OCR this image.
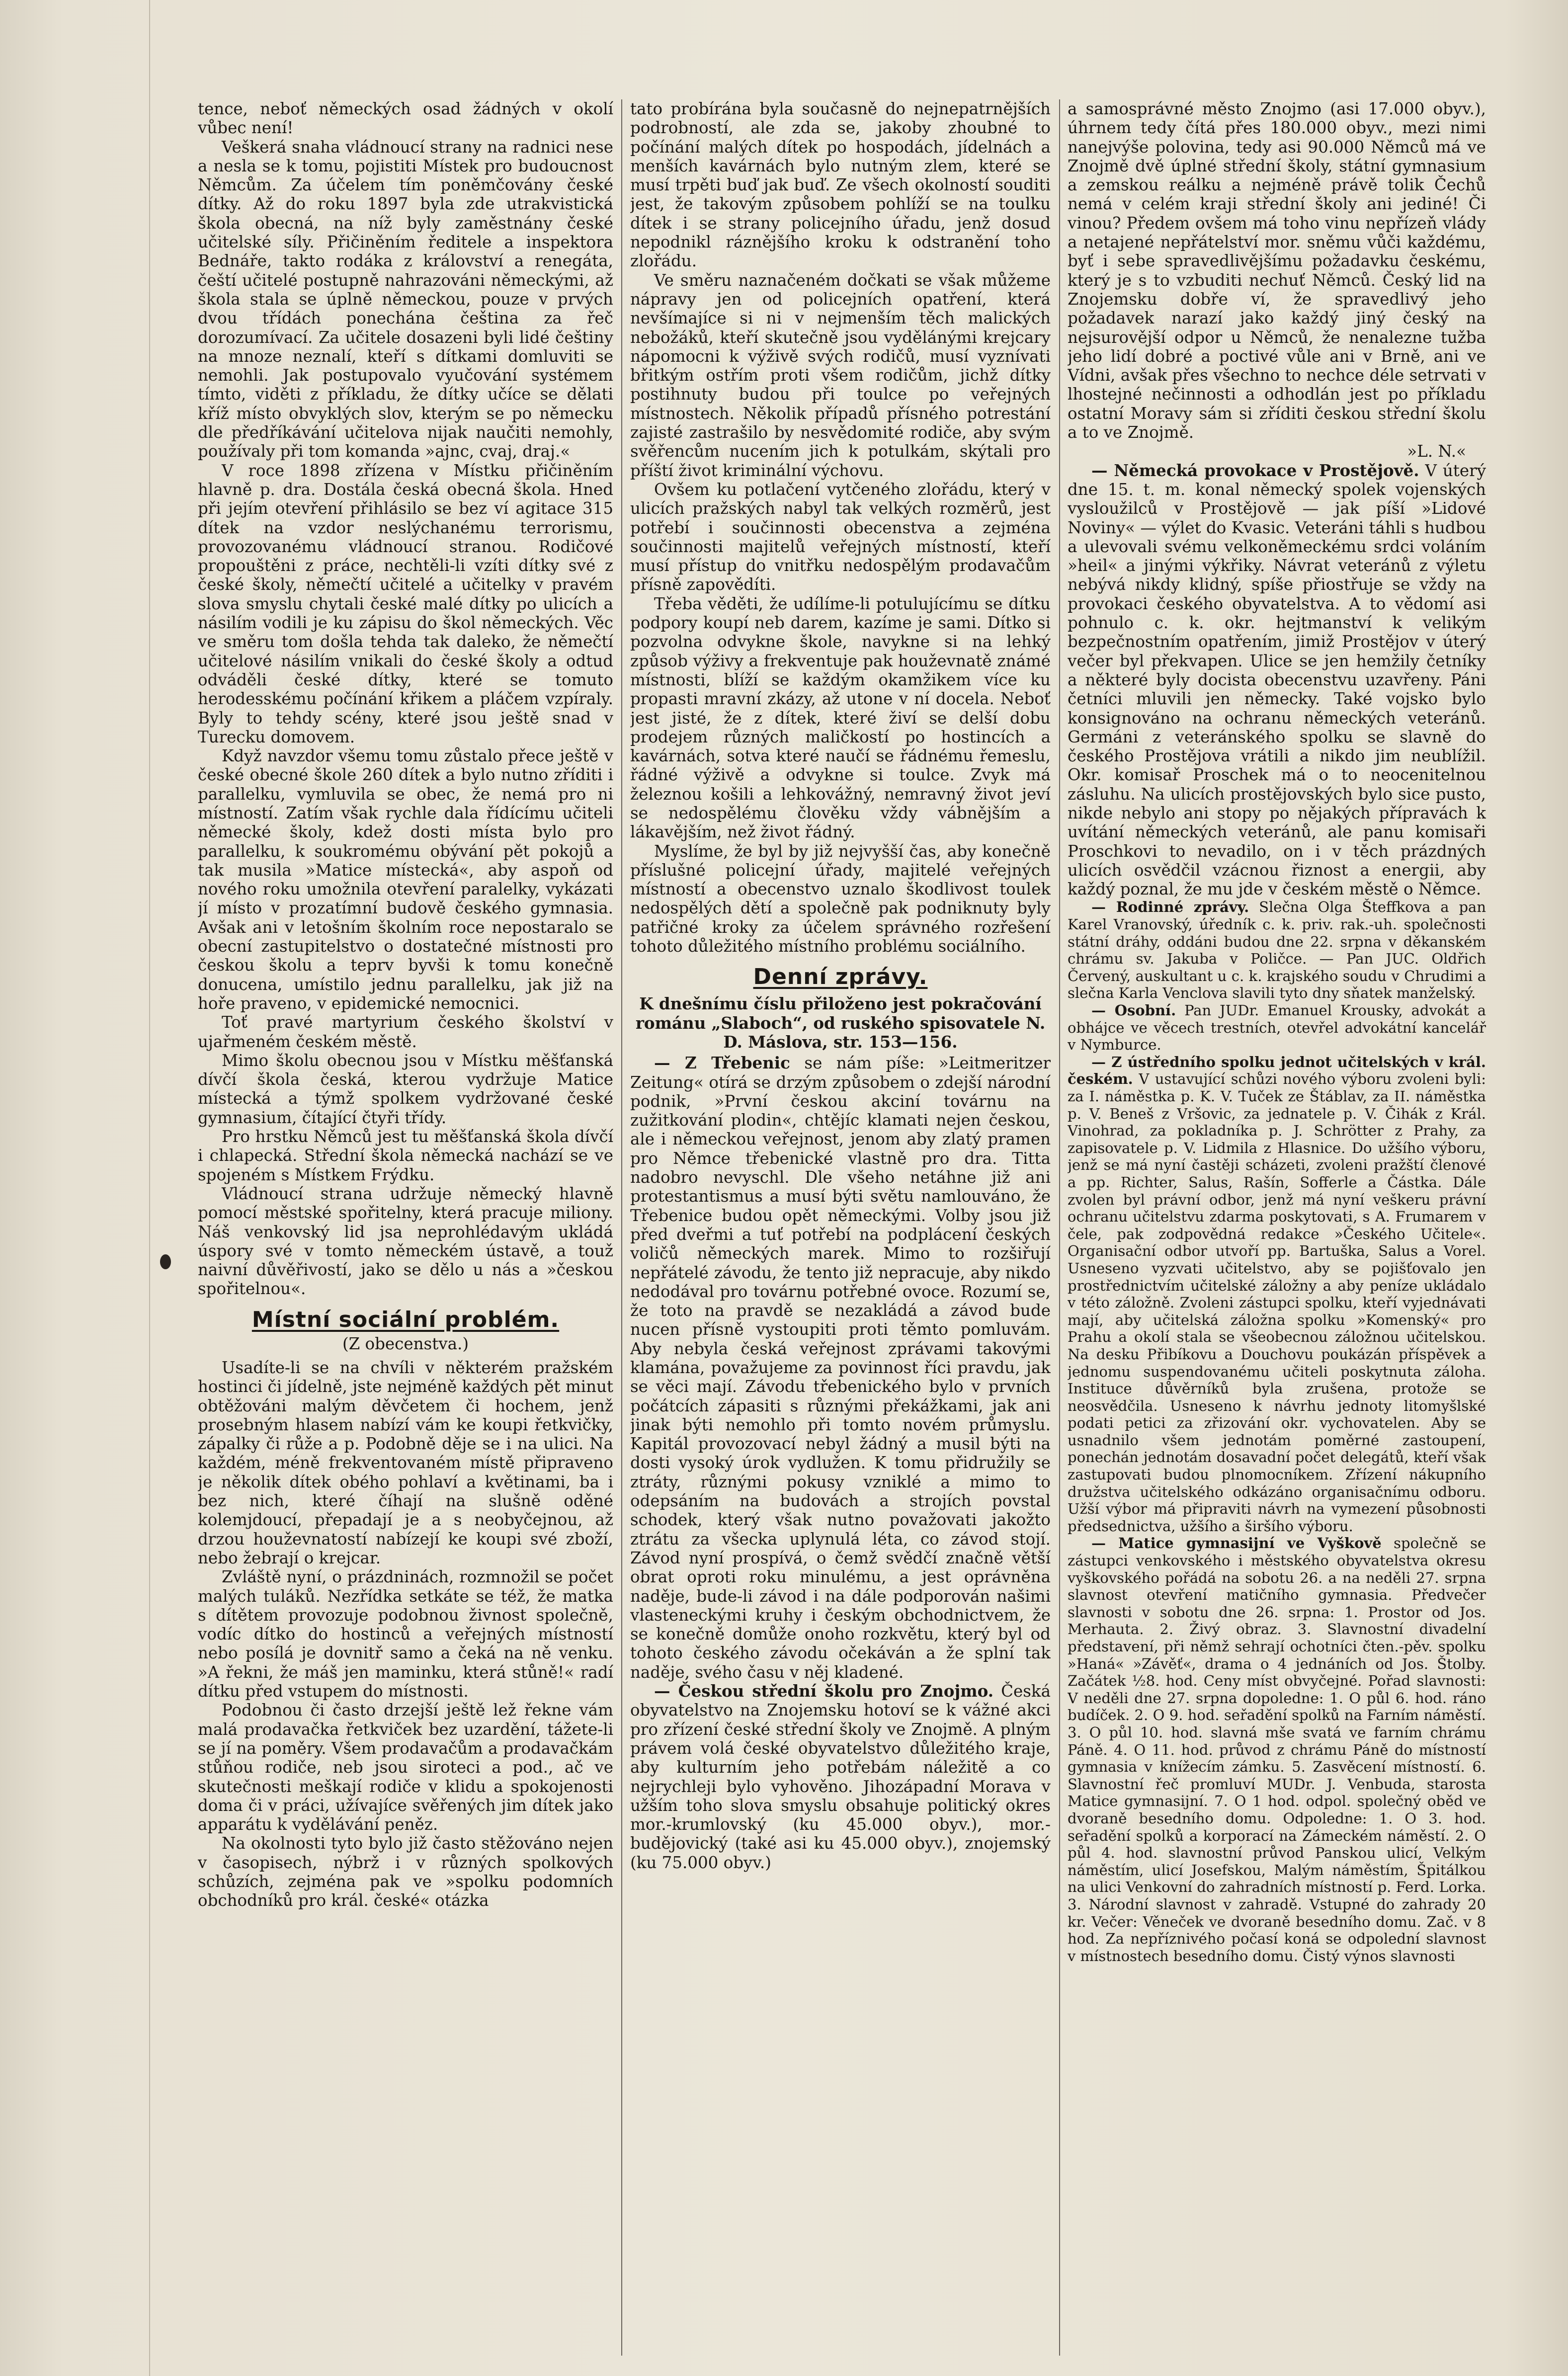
tence, neboť německých osad žádných v okolí vůbec není!

Veškerá snaha vládnoucí strany na radnici nese a nesla se k tomu, pojistiti Místek pro budoucnost Němcům. Za účelem tím poněmčovány české dítky. Až do roku 1897 byla zde utrakvistická škola obecná, na níž byly zaměstnány české učitelské síly. Přičiněním ředitele a inspektora Bednáře, takto rodáka z království a renegáta, čeští učitelé postupně nahrazováni německými, až škola stala se úplně německou, pouze v prvých dvou třídách ponechána čeština za řeč dorozumívací. Za učitele dosazeni byli lidé češtiny na mnoze neznalí, kteří s dítkami domluviti se nemohli. Jak postupovalo vyučování systémem tímto, viděti z příkladu, že dítky učíce se dělati kříž místo obvyklých slov, kterým se po německu dle předříkávání učitelova nijak naučiti nemohly, používaly při tom komanda »ajnc, cvaj, draj.«

V roce 1898 zřízena v Místku přičiněním hlavně p. dra. Dostála česká obecná škola. Hned při jejím otevření přihlásilo se bez ví agitace 315 dítek na vzdor neslýchanému terrorismu, provozovanému vládnoucí stranou. Rodičové propouštěni z práce, nechtěli-li vzíti dítky své z české školy, němečtí učitelé a učitelky v pravém slova smyslu chytali české malé dítky po ulicích a násilím vodili je ku zápisu do škol německých. Věc ve směru tom došla tehda tak daleko, že němečtí učitelové násilím vnikali do české školy a odtud odváděli české dítky, které se tomuto herodesskému počínání křikem a pláčem vzpíraly. Byly to tehdy scény, které jsou ještě snad v Turecku domovem.

Když navzdor všemu tomu zůstalo přece ještě v české obecné škole 260 dítek a bylo nutno zříditi i parallelku, vymluvila se obec, že nemá pro ni místností. Zatím však rychle dala řídícímu učiteli německé školy, kdež dosti místa bylo pro parallelku, k soukromému obývání pět pokojů a tak musila »Matice místecká«, aby aspoň od nového roku umožnila otevření paralelky, vykázati jí místo v prozatímní budově českého gymnasia. Avšak ani v letošním školním roce nepostaralo se obecní zastupitelstvo o dostatečné místnosti pro českou školu a teprv byvši k tomu konečně donucena, umístilo jednu parallelku, jak již na hoře praveno, v epidemické nemocnici.

Toť pravé martyrium českého školství v ujařmeném českém městě.

Mimo školu obecnou jsou v Místku měšťanská dívčí škola česká, kterou vydržuje Matice místecká a týmž spolkem vydržované české gymnasium, čítající čtyři třídy.

Pro hrstku Němců jest tu měšťanská škola dívčí i chlapecká. Střední škola německá nachází se ve spojeném s Místkem Frýdku.

Vládnoucí strana udržuje německý hlavně pomocí městské spořitelny, která pracuje miliony. Náš venkovský lid jsa neprohlédavým ukládá úspory své v tomto německém ústavě, a touž naivní důvěřivostí, jako se dělo u nás a »českou spořitelnou«.

Místní sociální problém.
(Z obecenstva.)

Usadíte-li se na chvíli v některém pražském hostinci či jídelně, jste nejméně každých pět minut obtěžováni malým děvčetem či hochem, jenž prosebným hlasem nabízí vám ke koupi řetkvičky, zápalky či růže a p. Podobně děje se i na ulici. Na každém, méně frekventovaném místě připraveno je několik dítek obého pohlaví a květinami, ba i bez nich, které číhají na slušně oděné kolemjdoucí, přepadají je a s neobyčejnou, až drzou houževnatostí nabízejí ke koupi své zboží, nebo žebrají o krejcar.

Zvláště nyní, o prázdninách, rozmnožil se počet malých tuláků. Nezřídka setkáte se též, že matka s dítětem provozuje podobnou živnost společně, vodíc dítko do hostinců a veřejných místností nebo posílá je dovnitř samo a čeká na ně venku. »A řekni, že máš jen maminku, která stůně!« radí dítku před vstupem do místnosti.

Podobnou či často drzejší ještě lež řekne vám malá prodavačka řetkviček bez uzardění, tážete-li se jí na poměry. Všem prodavačům a prodavačkám stůňou rodiče, neb jsou siroteci a pod., ač ve skutečnosti meškají rodiče v klidu a spokojenosti doma či v práci, užívajíce svěřených jim dítek jako apparátu k vydělávání peněz.

Na okolnosti tyto bylo již často stěžováno nejen v časopisech, nýbrž i v různých spolkových schůzích, zejména pak ve »spolku podomních obchodníků pro král. české« otázka

tato probírána byla současně do nejnepatrnějších podrobností, ale zda se, jakoby zhoubné to počínání malých dítek po hospodách, jídelnách a menších kavárnách bylo nutným zlem, které se musí trpěti buď jak buď. Ze všech okolností souditi jest, že takovým způsobem pohlíží se na toulku dítek i se strany policejního úřadu, jenž dosud nepodnikl ráznějšího kroku k odstranění toho zlořádu.

Ve směru naznačeném dočkati se však můžeme nápravy jen od policejních opatření, která nevšímajíce si ni v nejmenším těch malických nebožáků, kteří skutečně jsou vydělánými krejcary nápomocni k výživě svých rodičů, musí vyznívati břitkým ostřím proti všem rodičům, jichž dítky postihnuty budou při toulce po veřejných místnostech. Několik případů přísného potrestání zajisté zastrašilo by nesvědomité rodiče, aby svým svěřencům nucením jich k potulkám, skýtali pro příští život kriminální výchovu.

Ovšem ku potlačení vytčeného zlořádu, který v ulicích pražských nabyl tak velkých rozměrů, jest potřebí i součinnosti obecenstva a zejména součinnosti majitelů veřejných místností, kteří musí přístup do vnitřku nedospělým prodavačům přísně zapovědíti.

Třeba věděti, že udílíme-li potulujícímu se dítku podpory koupí neb darem, kazíme je sami. Dítko si pozvolna odvykne škole, navykne si na lehký způsob výživy a frekventuje pak houževnatě známé místnosti, blíží se každým okamžikem více ku propasti mravní zkázy, až utone v ní docela. Neboť jest jisté, že z dítek, které živí se delší dobu prodejem různých maličkostí po hostincích a kavárnách, sotva které naučí se řádnému řemeslu, řádné výživě a odvykne si toulce. Zvyk má železnou košili a lehkovážný, nemravný život jeví se nedospělému člověku vždy vábnějším a lákavějším, než život řádný.

Myslíme, že byl by již nejvyšší čas, aby konečně příslušné policejní úřady, majitelé veřejných místností a obecenstvo uznalo škodlivost toulek nedospělých dětí a společně pak podniknuty byly patřičné kroky za účelem správného rozřešení tohoto důležitého místního problému sociálního.

Denní zprávy.
K dnešnímu číslu přiloženo jest pokračování románu „Slaboch“, od ruského spisovatele N. D. Máslova, str. 153—156.

— Z Třebenic se nám píše: »Leitmeritzer Zeitung« otírá se drzým způsobem o zdejší národní podnik, »První českou akciní továrnu na zužitkování plodin«, chtějíc klamati nejen českou, ale i německou veřejnost, jenom aby zlatý pramen pro Němce třebenické vlastně pro dra. Titta nadobro nevyschl. Dle všeho netáhne již ani protestantismus a musí býti světu namlouváno, že Třebenice budou opět německými. Volby jsou již před dveřmi a tuť potřebí na podplácení českých voličů německých marek. Mimo to rozšiřují nepřátelé závodu, že tento již nepracuje, aby nikdo nedodával pro továrnu potřebné ovoce. Rozumí se, že toto na pravdě se nezakládá a závod bude nucen přísně vystoupiti proti těmto pomluvám. Aby nebyla česká veřejnost zprávami takovými klamána, považujeme za povinnost říci pravdu, jak se věci mají. Závodu třebenického bylo v prvních počátcích zápasiti s různými překážkami, jak ani jinak býti nemohlo při tomto novém průmyslu. Kapitál provozovací nebyl žádný a musil býti na dosti vysoký úrok vydlužen. K tomu přidružily se ztráty, různými pokusy vzniklé a mimo to odepsáním na budovách a strojích povstal schodek, který však nutno považovati jakožto ztrátu za všecka uplynulá léta, co závod stojí. Závod nyní prospívá, o čemž svědčí značně větší obrat oproti roku minulému, a jest oprávněna naděje, bude-li závod i na dále podporován našimi vlasteneckými kruhy i českým obchodnictvem, že se konečně domůže onoho rozkvětu, který byl od tohoto českého závodu očekáván a že splní tak naděje, svého času v něj kladené.

— Českou střední školu pro Znojmo. Česká obyvatelstvo na Znojemsku hotoví se k vážné akci pro zřízení české střední školy ve Znojmě. A plným právem volá české obyvatelstvo důležitého kraje, aby kulturním jeho potřebám náležitě a co nejrychleji bylo vyhověno. Jihozápadní Morava v užším toho slova smyslu obsahuje politický okres mor.-krumlovský (ku 45.000 obyv.), mor.-budějovický (také asi ku 45.000 obyv.), znojemský (ku 75.000 obyv.)

a samosprávné město Znojmo (asi 17.000 obyv.), úhrnem tedy čítá přes 180.000 obyv., mezi nimi nanejvýše polovina, tedy asi 90.000 Němců má ve Znojmě dvě úplné střední školy, státní gymnasium a zemskou reálku a nejméně právě tolik Čechů nemá v celém kraji střední školy ani jediné! Či vinou? Předem ovšem má toho vinu nepřízeň vlády a netajené nepřátelství mor. sněmu vůči každému, byť i sebe spravedlivějšímu požadavku českému, který je s to vzbuditi nechuť Němců. Český lid na Znojemsku dobře ví, že spravedlivý jeho požadavek narazí jako každý jiný český na nejsurovější odpor u Němců, že nenalezne tužba jeho lidí dobré a poctivé vůle ani v Brně, ani ve Vídni, avšak přes všechno to nechce déle setrvati v lhostejné nečinnosti a odhodlán jest po příkladu ostatní Moravy sám si zříditi českou střední školu a to ve Znojmě.

»L. N.«

— Německá provokace v Prostějově. V úterý dne 15. t. m. konal německý spolek vojenských vysloužilců v Prostějově — jak píší »Lidové Noviny« — výlet do Kvasic. Veteráni táhli s hudbou a ulevovali svému velkoněmeckému srdci voláním »heil« a jinými výkřiky. Návrat veteránů z výletu nebývá nikdy klidný, spíše přiostřuje se vždy na provokaci českého obyvatelstva. A to vědomí asi pohnulo c. k. okr. hejtmanství k velikým bezpečnostním opatřením, jimiž Prostějov v úterý večer byl překvapen. Ulice se jen hemžily četníky a některé byly docista obecenstvu uzavřeny. Páni četníci mluvili jen německy. Také vojsko bylo konsignováno na ochranu německých veteránů. Germáni z veteránského spolku se slavně do českého Prostějova vrátili a nikdo jim neublížil. Okr. komisař Proschek má o to neocenitelnou zásluhu. Na ulicích prostějovských bylo sice pusto, nikde nebylo ani stopy po nějakých přípravách k uvítání německých veteránů, ale panu komisaři Proschkovi to nevadilo, on i v těch prázdných ulicích osvědčil vzácnou řiznost a energii, aby každý poznal, že mu jde v českém městě o Němce.

— Rodinné zprávy. Slečna Olga Šteffkova a pan Karel Vranovský, úředník c. k. priv. rak.-uh. společnosti státní dráhy, oddáni budou dne 22. srpna v děkanském chrámu sv. Jakuba v Poličce. — Pan JUC. Oldřich Červený, auskultant u c. k. krajského soudu v Chrudimi a slečna Karla Venclova slavili tyto dny sňatek manželský.

— Osobní. Pan JUDr. Emanuel Krousky, advokát a obhájce ve věcech trestních, otevřel advokátní kancelář v Nymburce.

— Z ústředního spolku jednot učitelských v král. českém. V ustavující schůzi nového výboru zvoleni byli: za I. náměstka p. K. V. Tuček ze Štáblav, za II. náměstka p. V. Beneš z Vršovic, za jednatele p. V. Čihák z Král. Vinohrad, za pokladníka p. J. Schrötter z Prahy, za zapisovatele p. V. Lidmila z Hlasnice. Do užšího výboru, jenž se má nyní častěji scházeti, zvoleni pražští členové a pp. Richter, Salus, Rašín, Sofferle a Částka. Dále zvolen byl právní odbor, jenž má nyní veškeru právní ochranu učitelstvu zdarma poskytovati, s A. Frumarem v čele, pak zodpovědná redakce »Českého Učitele«. Organisační odbor utvoří pp. Bartuška, Salus a Vorel. Usneseno vyzvati učitelstvo, aby se pojišťovalo jen prostřednictvím učitelské záložny a aby peníze ukládalo v této záložně. Zvoleni zástupci spolku, kteří vyjednávati mají, aby učitelská záložna spolku »Komenský« pro Prahu a okolí stala se všeobecnou záložnou učitelskou. Na desku Přibíkovu a Douchovu poukázán příspěvek a jednomu suspendovanému učiteli poskytnuta záloha. Instituce důvěrníků byla zrušena, protože se neosvědčila. Usneseno k návrhu jednoty litomyšlské podati petici za zřizování okr. vychovatelen. Aby se usnadnilo všem jednotám poměrné zastoupení, ponechán jednotám dosavadní počet delegátů, kteří však zastupovati budou plnomocníkem. Zřízení nákupního družstva učitelského odkázáno organisačnímu odboru. Užší výbor má připraviti návrh na vymezení působnosti předsednictva, užšího a širšího výboru.

— Matice gymnasijní ve Vyškově společně se zástupci venkovského i městského obyvatelstva okresu vyškovského pořádá na sobotu 26. a na neděli 27. srpna slavnost otevření matičního gymnasia. Předvečer slavnosti v sobotu dne 26. srpna: 1. Prostor od Jos. Merhauta. 2. Živý obraz. 3. Slavnostní divadelní představení, při němž sehrají ochotníci čten.-pěv. spolku »Haná« »Závěť«, drama o 4 jednáních od Jos. Štolby. Začátek ½8. hod. Ceny míst obvyčejné. Pořad slavnosti: V neděli dne 27. srpna dopoledne: 1. O půl 6. hod. ráno budíček. 2. O 9. hod. seřadění spolků na Farním náměstí. 3. O půl 10. hod. slavná mše svatá ve farním chrámu Páně. 4. O 11. hod. průvod z chrámu Páně do místností gymnasia v knížecím zámku. 5. Zasvěcení místností. 6. Slavnostní řeč promluví MUDr. J. Venbuda, starosta Matice gymnasijní. 7. O 1 hod. odpol. společný oběd ve dvoraně besedního domu. Odpoledne: 1. O 3. hod. seřadění spolků a korporací na Zámeckém náměstí. 2. O půl 4. hod. slavnostní průvod Panskou ulicí, Velkým náměstím, ulicí Josefskou, Malým náměstím, Špitálkou na ulici Venkovní do zahradních místností p. Ferd. Lorka. 3. Národní slavnost v zahradě. Vstupné do zahrady 20 kr. Večer: Věneček ve dvoraně besedního domu. Zač. v 8 hod. Za nepříznivého počasí koná se odpolední slavnost v místnostech besedního domu. Čistý výnos slavnosti
